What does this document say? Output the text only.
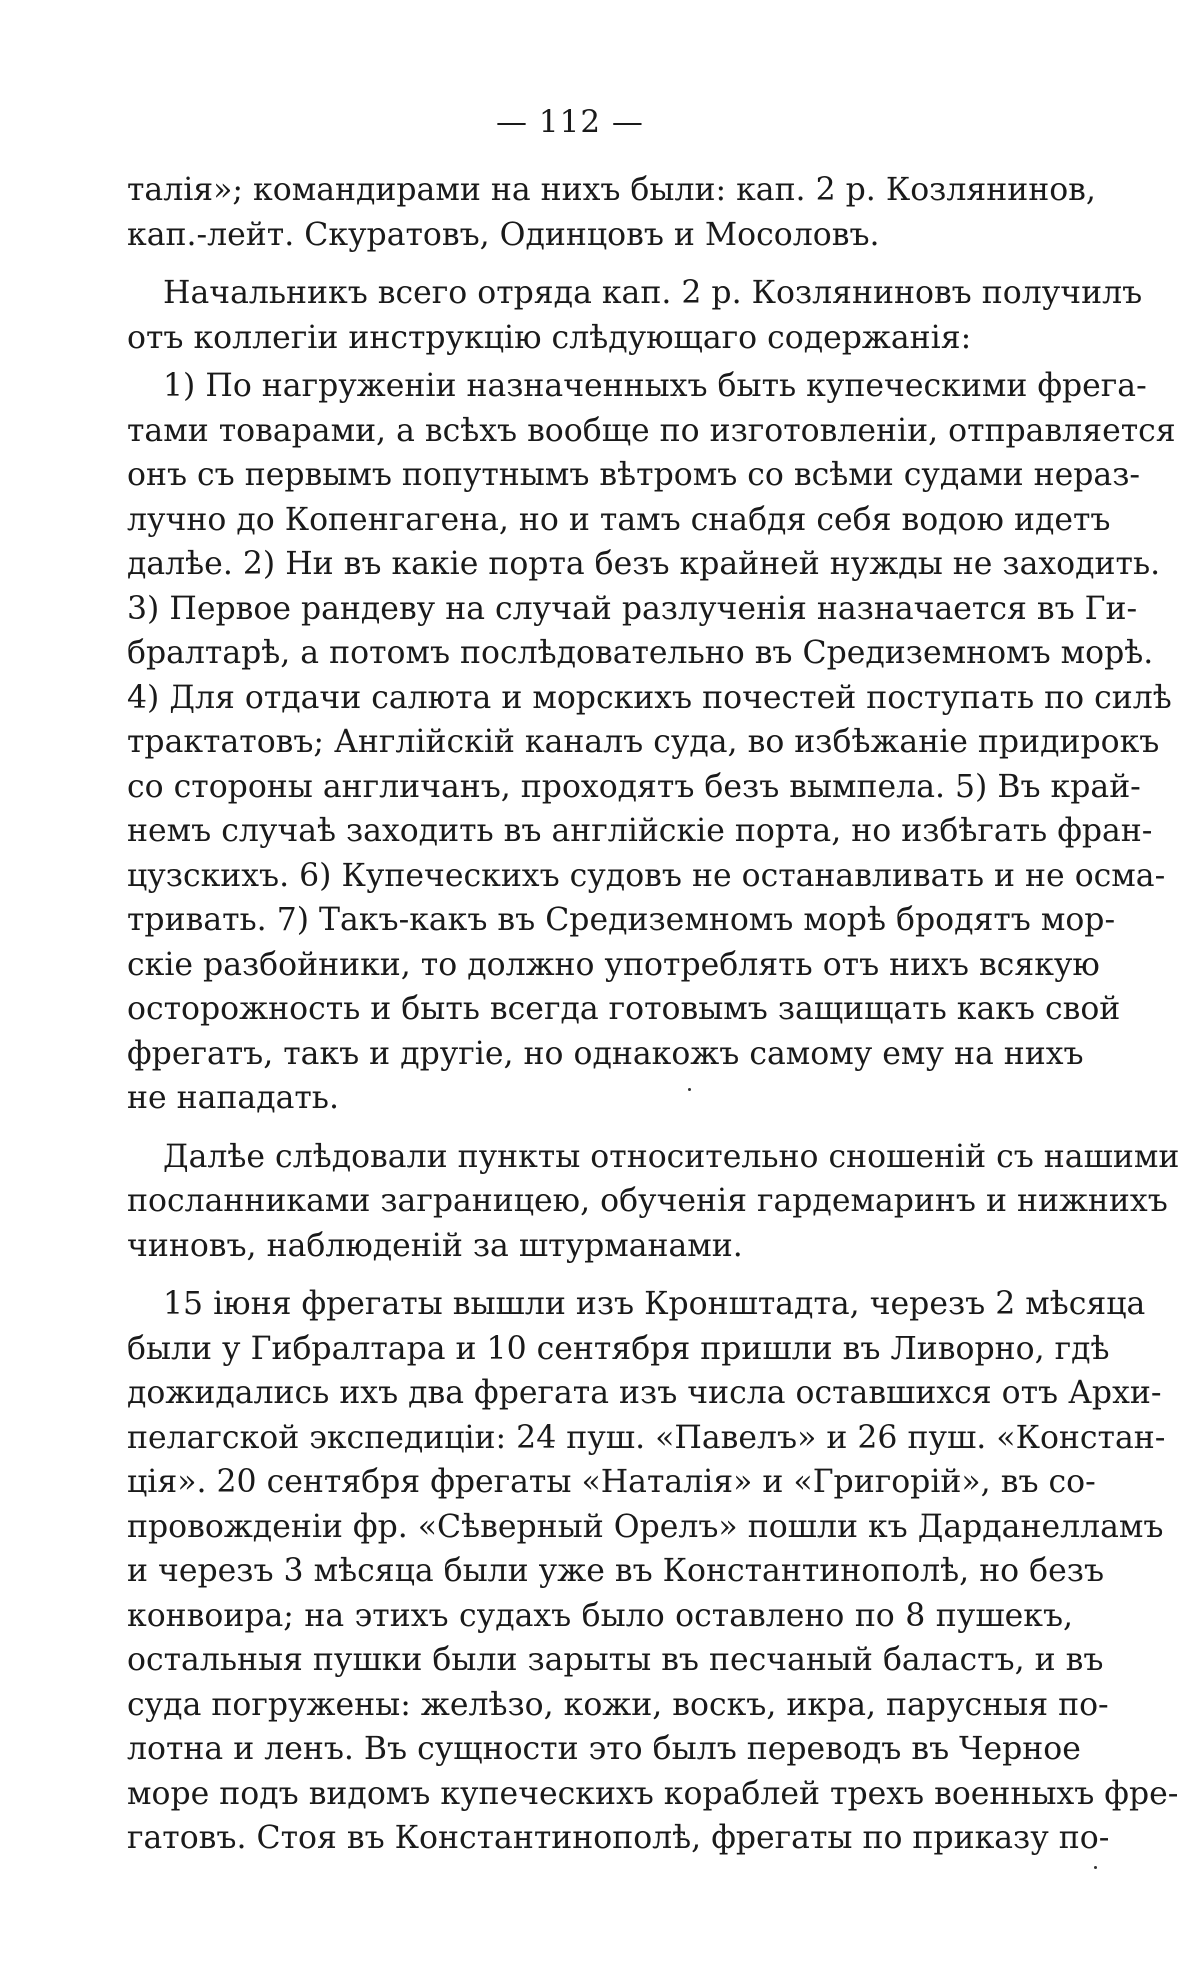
— 112 —
талія»; командирами на нихъ были: кап. 2 р. Козлянинов,
кап.-лейт. Скуратовъ, Одинцовъ и Мосоловъ.
Начальникъ всего отряда кап. 2 р. Козляниновъ получилъ
отъ коллегіи инструкцію слѣдующаго содержанія:
1) По нагруженіи назначенныхъ быть купеческими фрега-
тами товарами, а всѣхъ вообще по изготовленіи, отправляется
онъ съ первымъ попутнымъ вѣтромъ со всѣми судами нераз-
лучно до Копенгагена, но и тамъ снабдя себя водою идетъ
далѣе. 2) Ни въ какіе порта безъ крайней нужды не заходить.
3) Первое рандеву на случай разлученія назначается въ Ги-
бралтарѣ, а потомъ послѣдовательно въ Средиземномъ морѣ.
4) Для отдачи салюта и морскихъ почестей поступать по силѣ
трактатовъ; Англійскій каналъ суда, во избѣжаніе придирокъ
со стороны англичанъ, проходятъ безъ вымпела. 5) Въ край-
немъ случаѣ заходить въ англійскіе порта, но избѣгать фран-
цузскихъ. 6) Купеческихъ судовъ не останавливать и не осма-
тривать. 7) Такъ-какъ въ Средиземномъ морѣ бродятъ мор-
скіе разбойники, то должно употреблять отъ нихъ всякую
осторожность и быть всегда готовымъ защищать какъ свой
фрегатъ, такъ и другіе, но однакожъ самому ему на нихъ
не нападать.
Далѣе слѣдовали пункты относительно сношеній съ нашими
посланниками заграницею, обученія гардемаринъ и нижнихъ
чиновъ, наблюденій за штурманами.
15 іюня фрегаты вышли изъ Кронштадта, черезъ 2 мѣсяца
были у Гибралтара и 10 сентября пришли въ Ливорно, гдѣ
дожидались ихъ два фрегата изъ числа оставшихся отъ Архи-
пелагской экспедиціи: 24 пуш. «Павелъ» и 26 пуш. «Констан-
ція». 20 сентября фрегаты «Наталія» и «Григорій», въ со-
провожденіи фр. «Сѣверный Орелъ» пошли къ Дарданелламъ
и черезъ 3 мѣсяца были уже въ Константинополѣ, но безъ
конвоира; на этихъ судахъ было оставлено по 8 пушекъ,
остальныя пушки были зарыты въ песчаный баластъ, и въ
суда погружены: желѣзо, кожи, воскъ, икра, парусныя по-
лотна и ленъ. Въ сущности это былъ переводъ въ Черное
море подъ видомъ купеческихъ кораблей трехъ военныхъ фре-
гатовъ. Стоя въ Константинополѣ, фрегаты по приказу по-
